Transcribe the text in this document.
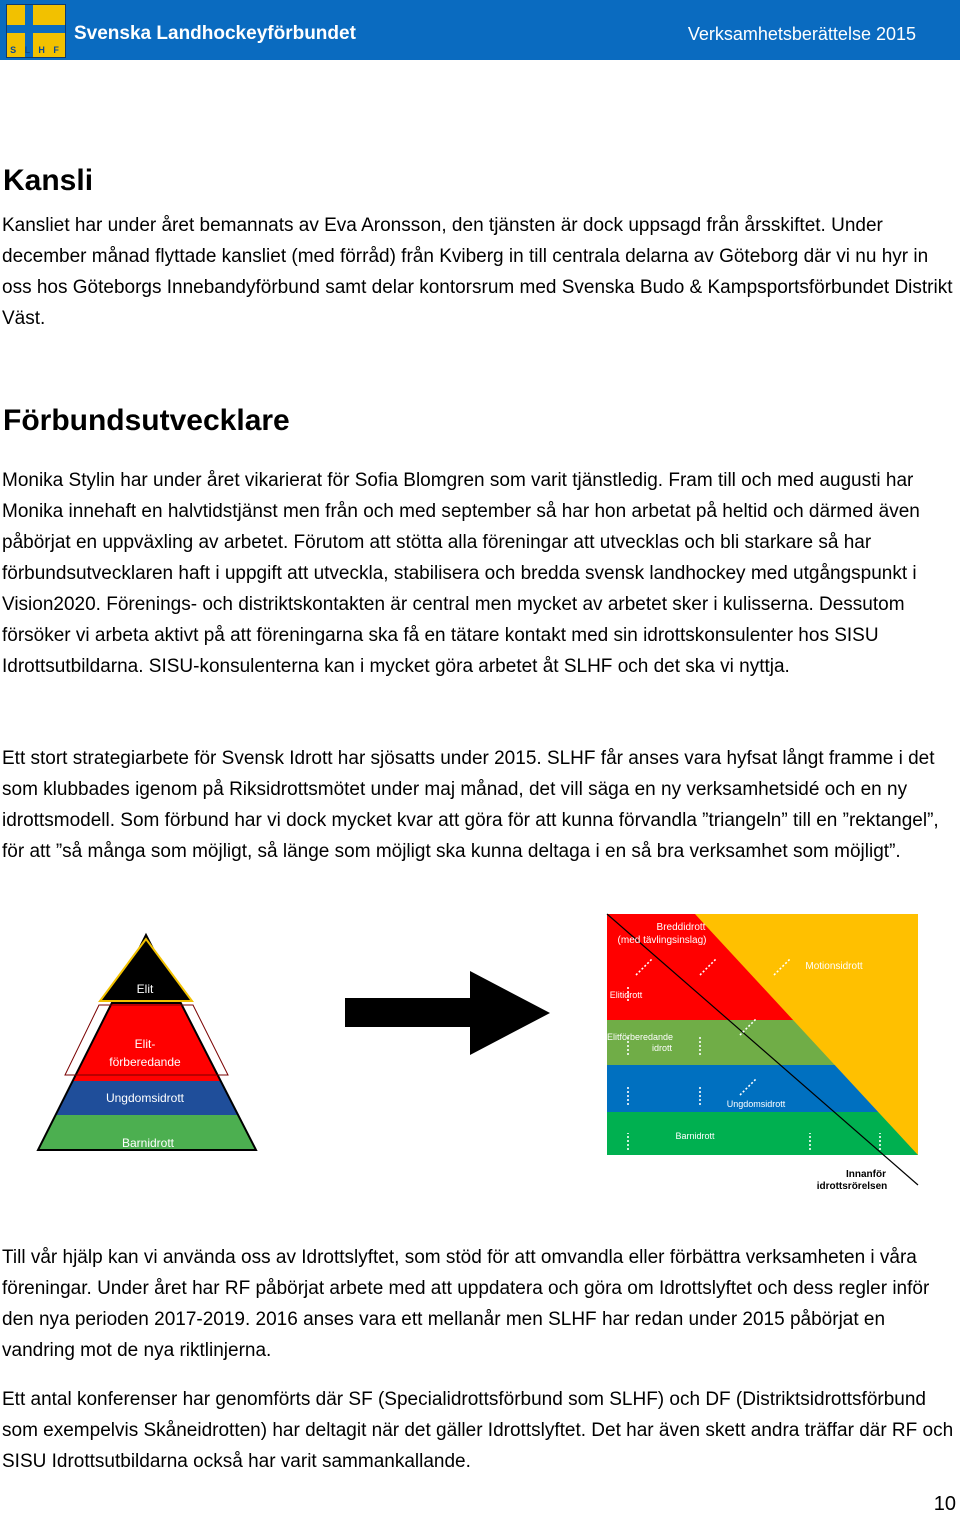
S L H F
Svenska Landhockeyförbundet	Verksamhetsberättelse 2015
Kansli

Kansliet har under året bemannats av Eva Aronsson, den tjänsten är dock uppsagd från årsskiftet. Under december månad flyttade kansliet (med förråd) från Kviberg in till centrala delarna av Göteborg där vi nu hyr in oss hos Göteborgs Innebandyförbund samt delar kontorsrum med Svenska Budo & Kampsportsförbundet Distrikt Väst.

Förbundsutvecklare

Monika Stylin har under året vikarierat för Sofia Blomgren som varit tjänstledig. Fram till och med augusti har Monika innehaft en halvtidstjänst men från och med september så har hon arbetat på heltid och därmed även påbörjat en uppväxling av arbetet. Förutom att stötta alla föreningar att utvecklas och bli starkare så har förbundsutvecklaren haft i uppgift att utveckla, stabilisera och bredda svensk landhockey med utgångspunkt i Vision2020. Förenings- och distriktskontakten är central men mycket av arbetet sker i kulisserna. Dessutom försöker vi arbeta aktivt på att föreningarna ska få en tätare kontakt med sin idrottskonsulenter hos SISU Idrottsutbildarna. SISU-konsulenterna kan i mycket göra arbetet åt SLHF och det ska vi nyttja.

Ett stort strategiarbete för Svensk Idrott har sjösatts under 2015. SLHF får anses vara hyfsat långt framme i det som klubbades igenom på Riksidrottsmötet under maj månad, det vill säga en ny verksamhetsidé och en ny idrottsmodell. Som förbund har vi dock mycket kvar att göra för att kunna förvandla ”triangeln” till en ”rektangel”, för att ”så många som möjligt, så länge som möjligt ska kunna deltaga i en så bra verksamhet som möjligt”.

Elit
Elit-
förberedande
Ungdomsidrott
Barnidrott
Breddidrott
(med tävlingsinslag)
Motionsidrott
Elitidrott
Elitförberedande
idrott
Ungdomsidrott
Barnidrott
Innanför
idrottsrörelsen

Till vår hjälp kan vi använda oss av Idrottslyftet, som stöd för att omvandla eller förbättra verksamheten i våra föreningar. Under året har RF påbörjat arbete med att uppdatera och göra om Idrottslyftet och dess regler inför den nya perioden 2017-2019. 2016 anses vara ett mellanår men SLHF har redan under 2015 påbörjat en vandring mot de nya riktlinjerna.

Ett antal konferenser har genomförts där SF (Specialidrottsförbund som SLHF) och DF (Distriktsidrottsförbund som exempelvis Skåneidrotten) har deltagit när det gäller Idrottslyftet. Det har även skett andra träffar där RF och SISU Idrottsutbildarna också har varit sammankallande.

10
